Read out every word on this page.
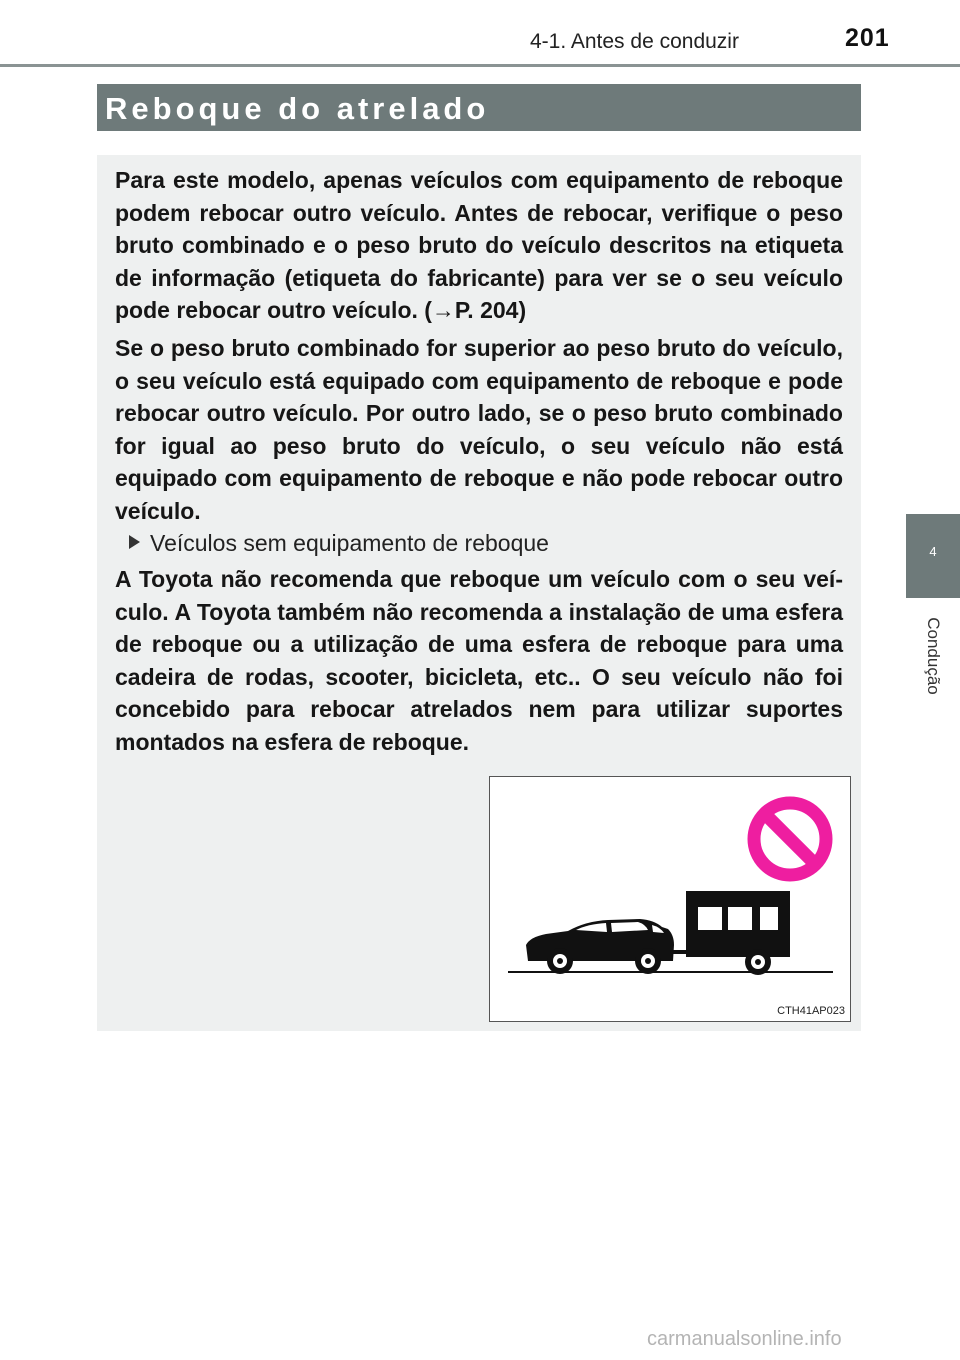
4-1. Antes de conduzir	201
Reboque do atrelado

Para este modelo, apenas veículos com equipamento de reboque podem rebocar outro veículo. Antes de rebocar, verifique o peso bruto combinado e o peso bruto do veículo descritos na etiqueta de informação (etiqueta do fabricante) para ver se o seu veículo pode rebocar outro veículo. (→P. 204)

Se o peso bruto combinado for superior ao peso bruto do veículo, o seu veículo está equipado com equipamento de reboque e pode rebocar outro veículo. Por outro lado, se o peso bruto combinado for igual ao peso bruto do veículo, o seu veículo não está equipado com equipamento de reboque e não pode rebocar outro veículo.

Veículos sem equipamento de reboque

A Toyota não recomenda que reboque um veículo com o seu veículo. A Toyota também não recomenda a instalação de uma esfera de reboque ou a utilização de uma esfera de reboque para uma cadeira de rodas, scooter, bicicleta, etc.. O seu veículo não foi concebido para rebocar atrelados nem para utilizar suportes montados na esfera de reboque.

CTH41AP023
4
Condução
carmanualsonline.info
